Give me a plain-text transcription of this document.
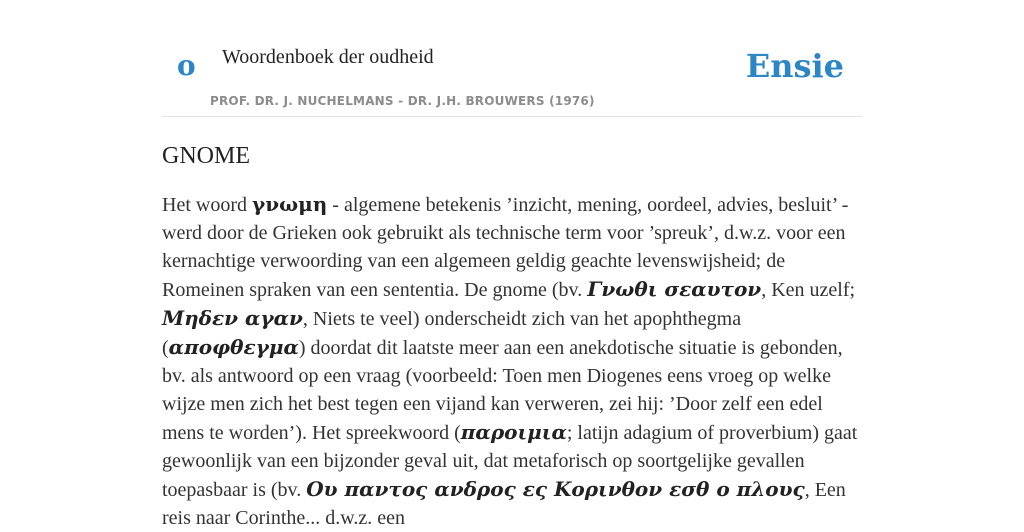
o Woordenboek der oudheid
PROF. DR. J. NUCHELMANS - DR. J.H. BROUWERS (1976)
Ensie
GNOME

Het woord γνωμη - algemene betekenis ’inzicht, mening, oordeel, advies, besluit’ - werd door de Grieken ook gebruikt als technische term voor ’spreuk’, d.w.z. voor een kernachtige verwoording van een algemeen geldig geachte levenswijsheid; de Romeinen spraken van een sententia. De gnome (bv. Γνωθι σεαυτον, Ken uzelf; Μηδεν αγαν, Niets te veel) onderscheidt zich van het apophthegma (αποφθεγμα) doordat dit laatste meer aan een anekdotische situatie is gebonden, bv. als antwoord op een vraag (voorbeeld: Toen men Diogenes eens vroeg op welke wijze men zich het best tegen een vijand kan verweren, zei hij: ’Door zelf een edel mens te worden’). Het spreekwoord (παροιμια; latijn adagium of proverbium) gaat gewoonlijk van een bijzonder geval uit, dat metaforisch op soortgelijke gevallen toepasbaar is (bv. Ου παντος ανδρος ες Κορινθον εσθ ο πλους, Een reis naar Corinthe... d.w.z. een
